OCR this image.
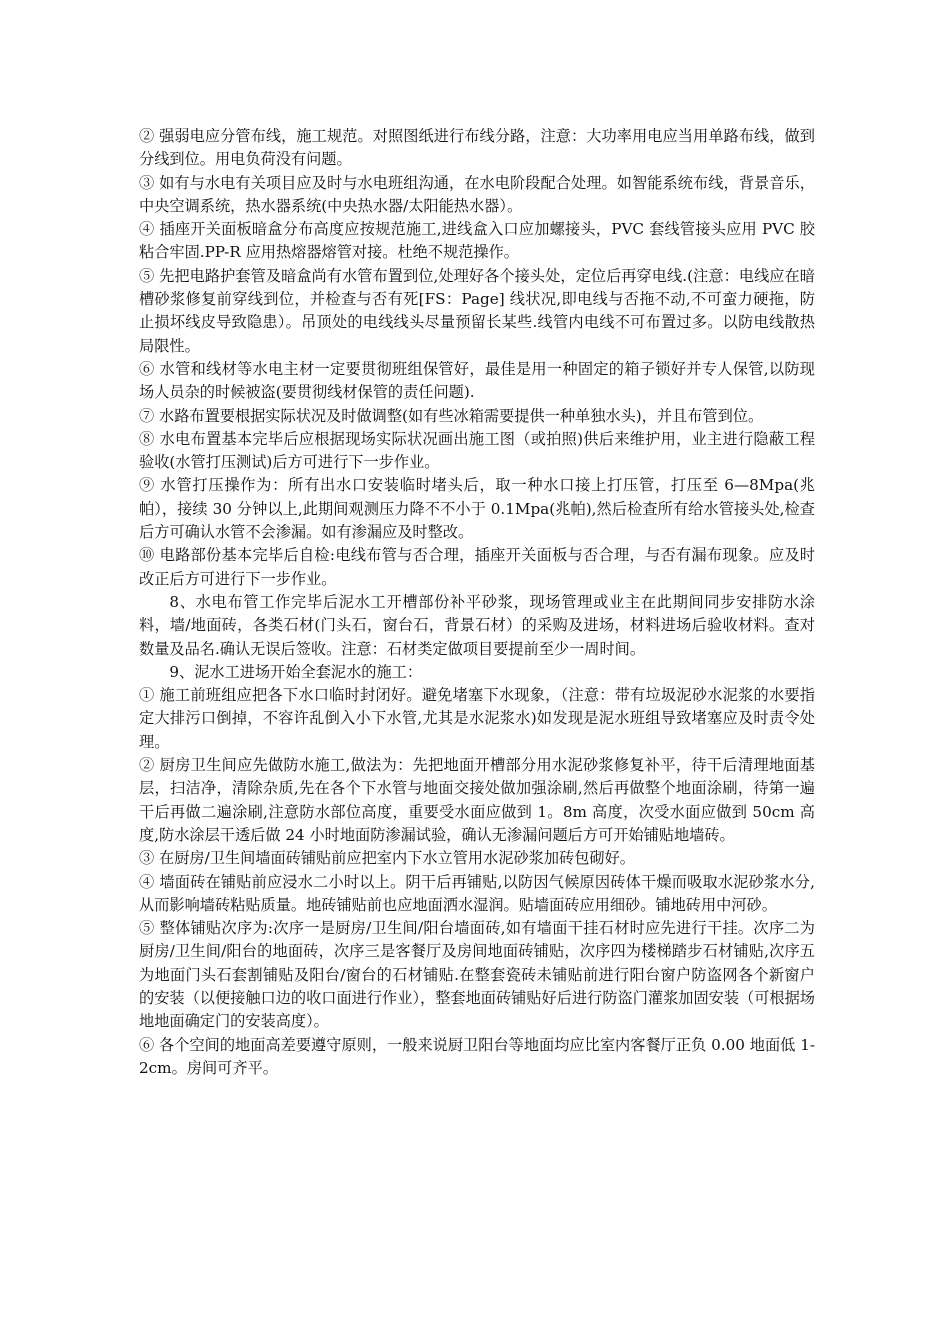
② 强弱电应分管布线，施工规范。对照图纸进行布线分路，注意：大功率用电应当用单路布线，做到分线到位。用电负荷没有问题。

③ 如有与水电有关项目应及时与水电班组沟通，在水电阶段配合处理。如智能系统布线，背景音乐，中央空调系统，热水器系统(中央热水器/太阳能热水器）。

④ 插座开关面板暗盒分布高度应按规范施工,进线盒入口应加螺接头，PVC 套线管接头应用 PVC 胶粘合牢固.PP-R 应用热熔器熔管对接。杜绝不规范操作。

⑤ 先把电路护套管及暗盒尚有水管布置到位,处理好各个接头处，定位后再穿电线.(注意：电线应在暗槽砂浆修复前穿线到位，并检查与否有死[FS：Page] 线状况,即电线与否拖不动,不可蛮力硬拖，防止损坏线皮导致隐患）。吊顶处的电线线头尽量预留长某些.线管内电线不可布置过多。以防电线散热局限性。

⑥ 水管和线材等水电主材一定要贯彻班组保管好，最佳是用一种固定的箱子锁好并专人保管,以防现场人员杂的时候被盗(要贯彻线材保管的责任问题).

⑦ 水路布置要根据实际状况及时做调整(如有些冰箱需要提供一种单独水头)，并且布管到位。

⑧ 水电布置基本完毕后应根据现场实际状况画出施工图（或拍照)供后来维护用，业主进行隐蔽工程验收(水管打压测试)后方可进行下一步作业。

⑨ 水管打压操作为：所有出水口安装临时堵头后，取一种水口接上打压管，打压至 6—8Mpa(兆帕），接续 30 分钟以上,此期间观测压力降不不小于 0.1Mpa(兆帕),然后检查所有给水管接头处,检查后方可确认水管不会渗漏。如有渗漏应及时整改。

⑩ 电路部份基本完毕后自检:电线布管与否合理，插座开关面板与否合理，与否有漏布现象。应及时改正后方可进行下一步作业。

8、水电布管工作完毕后泥水工开槽部份补平砂浆，现场管理或业主在此期间同步安排防水涂料，墙/地面砖，各类石材(门头石，窗台石，背景石材）的采购及进场，材料进场后验收材料。查对数量及品名.确认无误后签收。注意：石材类定做项目要提前至少一周时间。

9、泥水工进场开始全套泥水的施工：

① 施工前班组应把各下水口临时封闭好。避免堵塞下水现象，（注意：带有垃圾泥砂水泥浆的水要指定大排污口倒掉，不容许乱倒入小下水管,尤其是水泥浆水)如发现是泥水班组导致堵塞应及时责令处理。

② 厨房卫生间应先做防水施工,做法为：先把地面开槽部分用水泥砂浆修复补平，待干后清理地面基层，扫洁净，清除杂质,先在各个下水管与地面交接处做加强涂刷,然后再做整个地面涂刷，待第一遍干后再做二遍涂刷,注意防水部位高度，重要受水面应做到 1。8m 高度，次受水面应做到 50cm 高度,防水涂层干透后做 24 小时地面防渗漏试验，确认无渗漏问题后方可开始铺贴地墙砖。

③ 在厨房/卫生间墙面砖铺贴前应把室内下水立管用水泥砂浆加砖包砌好。

④ 墙面砖在铺贴前应浸水二小时以上。阴干后再铺贴,以防因气候原因砖体干燥而吸取水泥砂浆水分,从而影响墙砖粘贴质量。地砖铺贴前也应地面洒水湿润。贴墙面砖应用细砂。铺地砖用中河砂。

⑤ 整体铺贴次序为:次序一是厨房/卫生间/阳台墙面砖,如有墙面干挂石材时应先进行干挂。次序二为厨房/卫生间/阳台的地面砖，次序三是客餐厅及房间地面砖铺贴，次序四为楼梯踏步石材铺贴,次序五为地面门头石套割铺贴及阳台/窗台的石材铺贴.在整套瓷砖未铺贴前进行阳台窗户防盗网各个新窗户的安装（以便接触口边的收口面进行作业），整套地面砖铺贴好后进行防盗门灌浆加固安装（可根据场地地面确定门的安装高度）。

⑥ 各个空间的地面高差要遵守原则，一般来说厨卫阳台等地面均应比室内客餐厅正负 0.00 地面低 1-2cm。房间可齐平。
